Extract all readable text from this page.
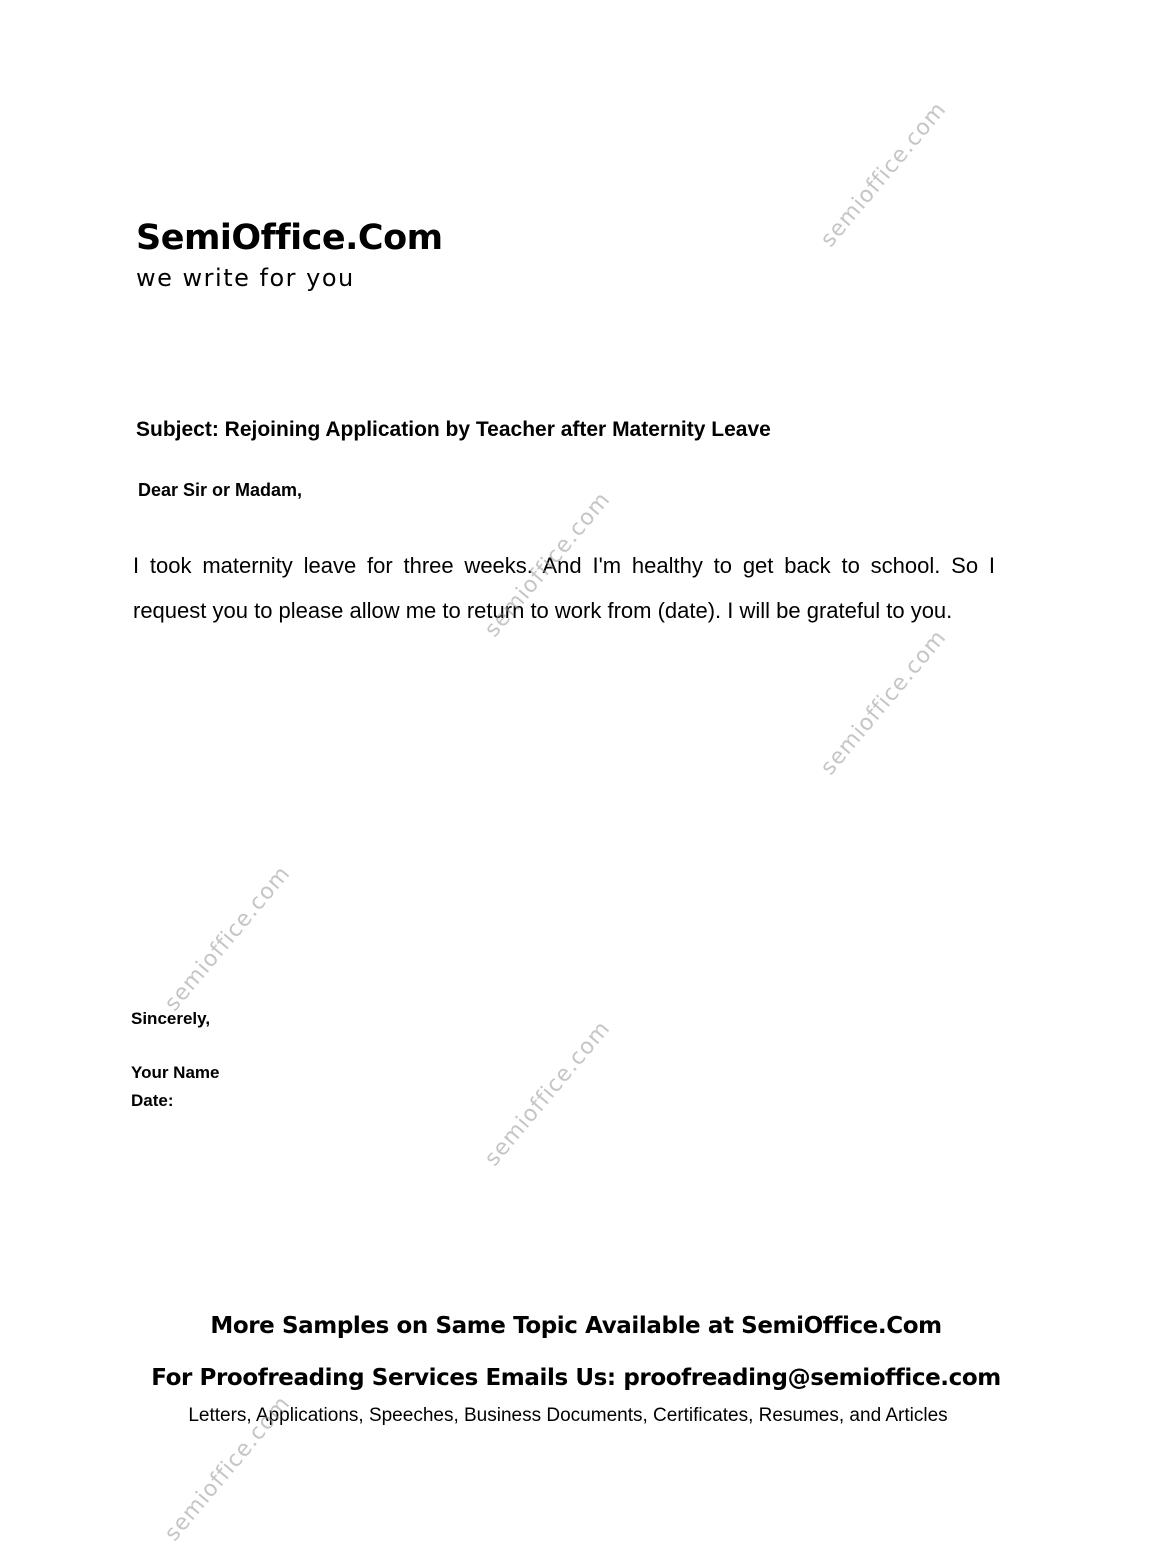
SemiOffice.Com
we write for you
Subject: Rejoining Application by Teacher after Maternity Leave
Dear Sir or Madam,
I took maternity leave for three weeks. And I'm healthy to get back to school. So I request you to please allow me to return to work from (date). I will be grateful to you.
Sincerely,
Your Name
Date:
More Samples on Same Topic Available at SemiOffice.Com
For Proofreading Services Emails Us: proofreading@semioffice.com
Letters, Applications, Speeches, Business Documents, Certificates, Resumes, and Articles
semioffice.com
semioffice.com
semioffice.com
semioffice.com
semioffice.com
semioffice.com
